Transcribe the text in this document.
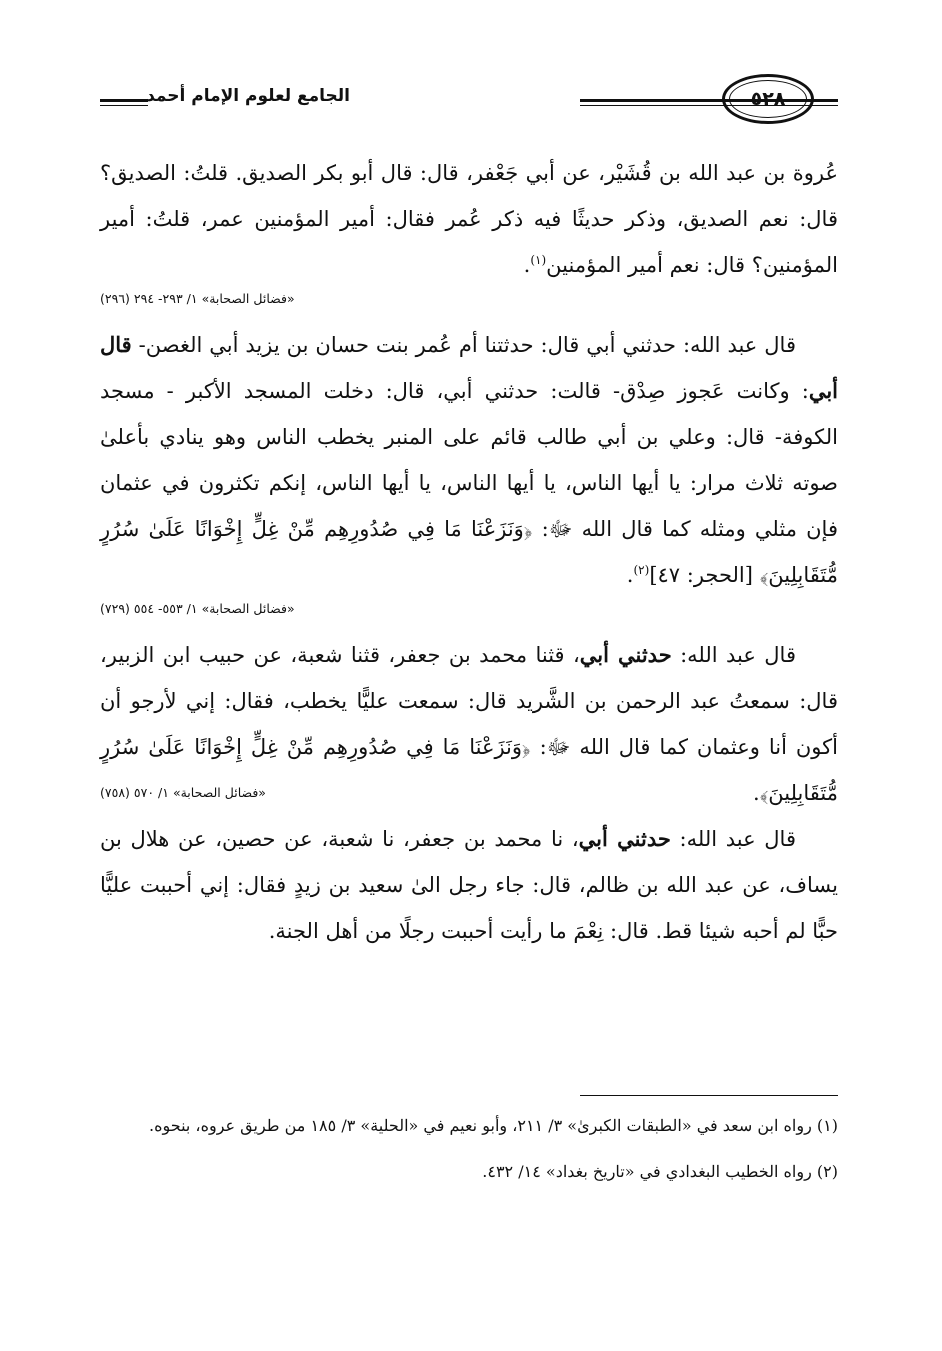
الجامع لعلوم الإمام أحمد	٥٢٨

عُروة بن عبد الله بن قُشَيْر، عن أبي جَعْفر، قال: قال أبو بكر الصديق. قلتُ: الصديق؟ قال: نعم الصديق، وذكر حديثًا فيه ذكر عُمر فقال: أمير المؤمنين عمر، قلتُ: أمير المؤمنين؟ قال: نعم أمير المؤمنين$^{(١)}$.

«فضائل الصحابة» ١/ ٢٩٣- ٢٩٤ (٢٩٦)

قال عبد الله: حدثني أبي قال: حدثتنا أم عُمر بنت حسان بن يزيد أبي الغصن- قال أبي: وكانت عَجوز صِدْق- قالت: حدثني أبي، قال: دخلت المسجد الأكبر - مسجد الكوفة- قال: وعلي بن أبي طالب قائم على المنبر يخطب الناس وهو ينادي بأعلىٰ صوته ثلاث مرار: يا أيها الناس، يا أيها الناس، يا أيها الناس، إنكم تكثرون في عثمان فإن مثلي ومثله كما قال الله ﷻ: ﴿وَنَزَعْنَا مَا فِي صُدُورِهِم مِّنْ غِلٍّ إِخْوَانًا عَلَىٰ سُرُرٍ مُّتَقَابِلِينَ﴾ [الحجر: ٤٧]$^{(٢)}$.

«فضائل الصحابة» ١/ ٥٥٣- ٥٥٤ (٧٢٩)

قال عبد الله: حدثني أبي، قثنا محمد بن جعفر، قثنا شعبة، عن حبيب ابن الزبير، قال: سمعتُ عبد الرحمن بن الشَّريد قال: سمعت عليًّا يخطب، فقال: إني لأرجو أن أكون أنا وعثمان كما قال الله ﷻ: ﴿وَنَزَعْنَا مَا فِي صُدُورِهِم مِّنْ غِلٍّ إِخْوَانًا عَلَىٰ سُرُرٍ مُّتَقَابِلِينَ﴾.
«فضائل الصحابة» ١/ ٥٧٠ (٧٥٨)

قال عبد الله: حدثني أبي، نا محمد بن جعفر، نا شعبة، عن حصين، عن هلال بن يساف، عن عبد الله بن ظالم، قال: جاء رجل الىٰ سعيد بن زيدٍ فقال: إني أحببت عليًّا حبًّا لم أحبه شيئا قط. قال: نِعْمَ ما رأيت أحببت رجلًا من أهل الجنة.

(١) رواه ابن سعد في «الطبقات الكبرىٰ» ٣/ ٢١١، وأبو نعيم في «الحلية» ٣/ ١٨٥ من طريق عروه، بنحوه.

(٢) رواه الخطيب البغدادي في «تاريخ بغداد» ١٤/ ٤٣٢.
